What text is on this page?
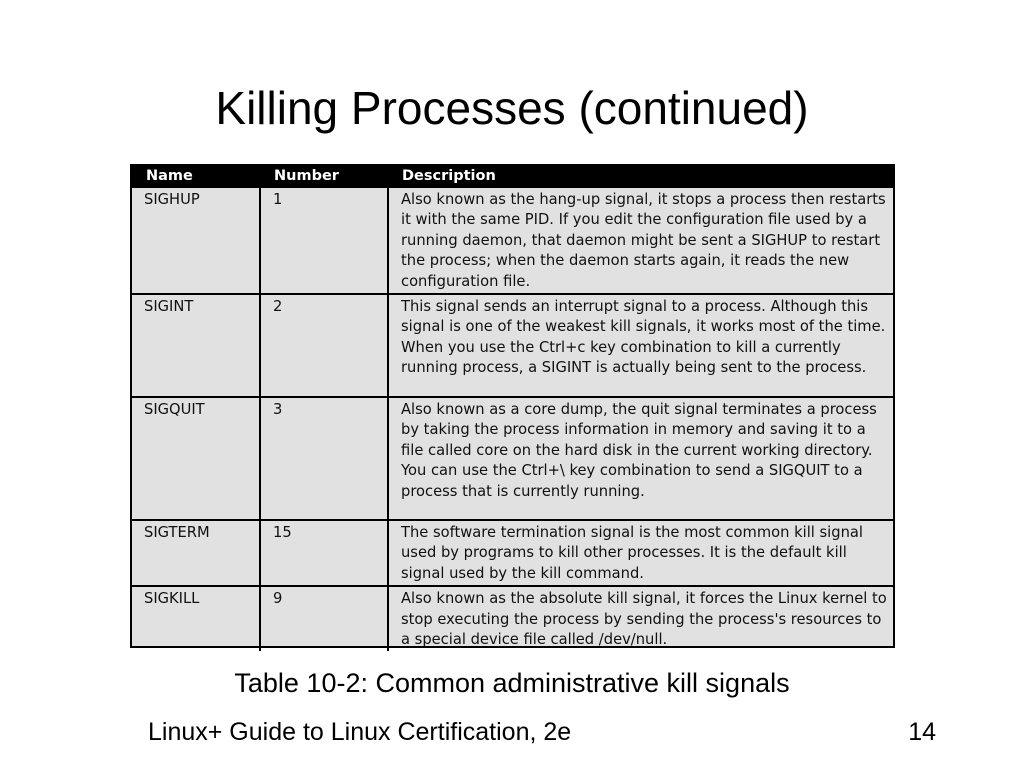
Killing Processes (continued)
Name	Number	Description
SIGHUP	1	Also known as the hang-up signal, it stops a process then restarts it with the same PID. If you edit the configuration file used by a running daemon, that daemon might be sent a SIGHUP to restart the process; when the daemon starts again, it reads the new configuration file.
SIGINT	2	This signal sends an interrupt signal to a process. Although this signal is one of the weakest kill signals, it works most of the time. When you use the Ctrl+c key combination to kill a currently running process, a SIGINT is actually being sent to the process.
SIGQUIT	3	Also known as a core dump, the quit signal terminates a process by taking the process information in memory and saving it to a file called core on the hard disk in the current working directory. You can use the Ctrl+\ key combination to send a SIGQUIT to a process that is currently running.
SIGTERM	15	The software termination signal is the most common kill signal used by programs to kill other processes. It is the default kill signal used by the kill command.
SIGKILL	9	Also known as the absolute kill signal, it forces the Linux kernel to stop executing the process by sending the process's resources to a special device file called /dev/null.
Table 10-2: Common administrative kill signals
Linux+ Guide to Linux Certification, 2e	14
